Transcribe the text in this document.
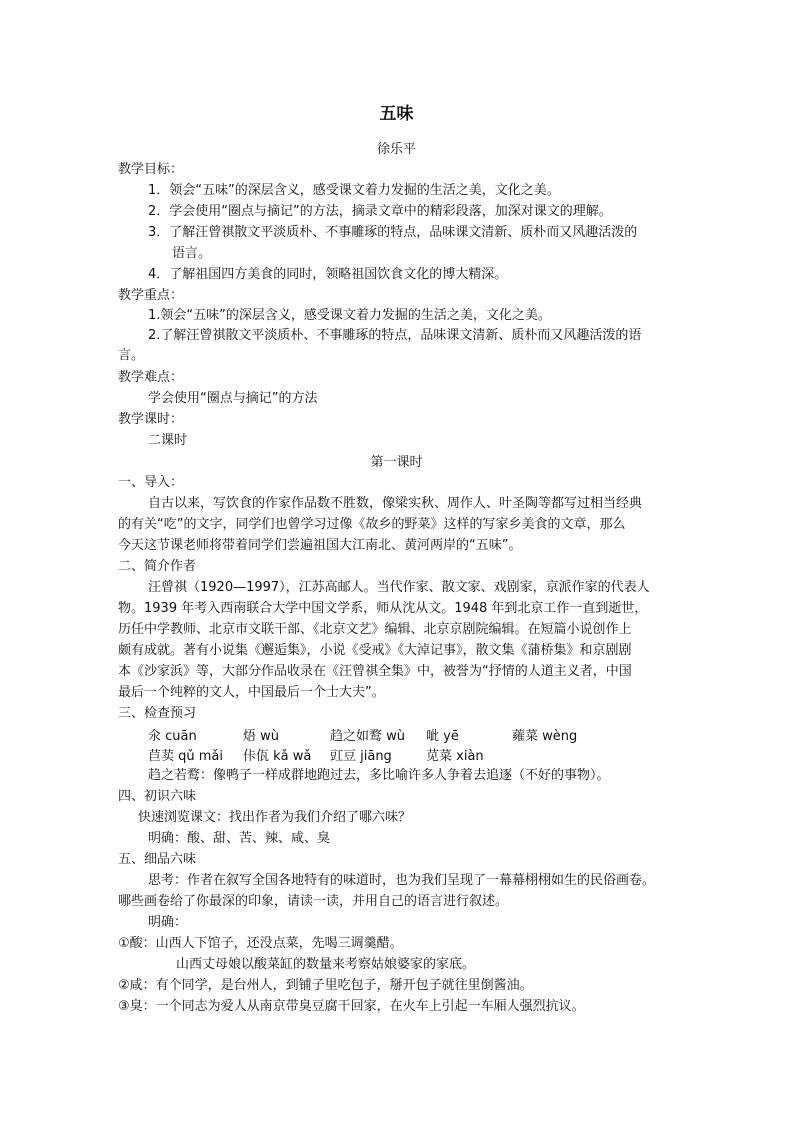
五味
徐乐平
教学目标：
1．领会“五味”的深层含义，感受课文着力发掘的生活之美，文化之美。
2．学会使用“圈点与摘记”的方法，摘录文章中的精彩段落，加深对课文的理解。
3．了解汪曾祺散文平淡质朴、不事雕琢的特点，品味课文清新、质朴而又风趣活泼的
语言。
4．了解祖国四方美食的同时，领略祖国饮食文化的博大精深。
教学重点：
1.领会“五味”的深层含义，感受课文着力发掘的生活之美，文化之美。
2.了解汪曾祺散文平淡质朴、不事雕琢的特点，品味课文清新、质朴而又风趣活泼的语
言。
教学难点：
学会使用“圈点与摘记”的方法
教学课时：
二课时
第一课时
一、导入：
自古以来，写饮食的作家作品数不胜数，像梁实秋、周作人、叶圣陶等都写过相当经典
的有关“吃”的文字，同学们也曾学习过像《故乡的野菜》这样的写家乡美食的文章，那么
今天这节课老师将带着同学们尝遍祖国大江南北、黄河两岸的“五味”。
二、简介作者
汪曾祺（1920—1997），江苏高邮人。当代作家、散文家、戏剧家，京派作家的代表人
物。1939 年考入西南联合大学中国文学系，师从沈从文。1948 年到北京工作一直到逝世，
历任中学教师、北京市文联干部、《北京文艺》编辑、北京京剧院编辑。在短篇小说创作上
颇有成就。著有小说集《邂逅集》，小说《受戒》《大淖记事》，散文集《蒲桥集》和京剧剧
本《沙家浜》等，大部分作品收录在《汪曾祺全集》中，被誉为“抒情的人道主义者，中国
最后一个纯粹的文人，中国最后一个士大夫”。
三、检查预习
氽 cuān	焐 wù	趋之如鹜 wù 呲 yē	蕹菜 wèng
苣荬 qǔ mǎi 佧佤 kǎ wǎ 豇豆 jiāng	苋菜 xiàn
趋之若鹜：像鸭子一样成群地跑过去，多比喻许多人争着去追逐（不好的事物）。
四、初识六味
快速浏览课文：找出作者为我们介绍了哪六味？
明确：酸、甜、苦、辣、咸、臭
五、细品六味
思考：作者在叙写全国各地特有的味道时，也为我们呈现了一幕幕栩栩如生的民俗画卷。
哪些画卷给了你最深的印象，请读一读，并用自己的语言进行叙述。
明确：
①酸：山西人下馆子，还没点菜，先喝三调羹醋。
山西丈母娘以酸菜缸的数量来考察姑娘婆家的家底。
②咸：有个同学，是台州人，到铺子里吃包子，掰开包子就往里倒酱油。
③臭：一个同志为爱人从南京带臭豆腐干回家，在火车上引起一车厢人强烈抗议。
